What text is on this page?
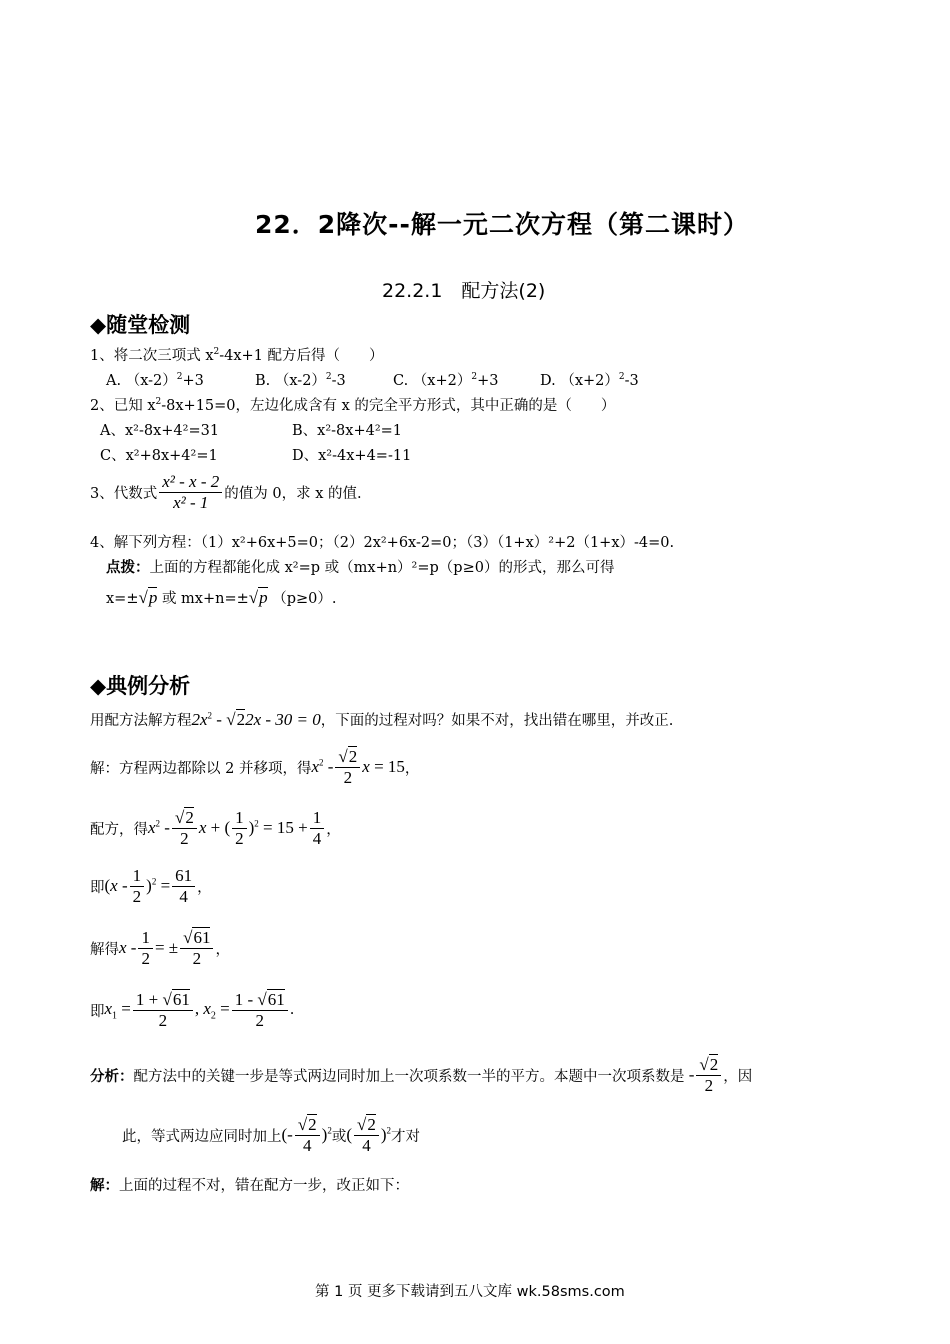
22．2降次--解一元二次方程（第二课时）
22.2.1　配方法(2)
◆随堂检测
1、将二次三项式 $x^2-4x+1$ 配方后得（　　）
A. $(x-2)^2+3$	B. $(x-2)^2-3$	C. $(x+2)^2+3$	D. $(x+2)^2-3$
2、已知 $x^2-8x+15=0$，左边化成含有 x 的完全平方形式，其中正确的是（　　）
A、x²-8x+4²=31	B、x²-8x+4²=1
C、x²+8x+4²=1	D、x²-4x+4=-11
3、代数式 $\frac{\text{x² - x - 2}}{\text{x² - 1}}$ 的值为 0，求 x 的值.
4、解下列方程：（1）x²+6x+5=0；（2）2x²+6x-2=0；（3）（1+x）²+2（1+x）-4=0.
点拨：上面的方程都能化成 x²=p 或（mx+n）²=p（p≥0）的形式，那么可得
x=±√p 或 mx+n=±√p （p≥0）.
◆典例分析
用配方法解方程$2x^2 - √22x - 30 = 0$，下面的过程对吗？如果不对，找出错在哪里，并改正.
解：方程两边都除以 2 并移项，得 $x^2 - \frac{√2}{2}$ x = 15 ，
配方，得 $x^2 - \frac{√2}{2}$ x + ( $\frac{1}{2} )^2 = 15 + \frac{1}{4}$ ，
即 $(x - \frac{1}{2} )^2 = \frac{61}{4}$ ，
解得 x - $\frac{1}{2}$ = ± $\frac{√61}{2}$ ，
即 $x_1 = \frac{1 + √61}{2}$ , $x_2 = \frac{1 - √61}{2}$ .
分析： 配方法中的关键一步是等式两边同时加上一次项系数一半的平方。本题中一次项系数是 - $\frac{√2}{2}$ ，因
此，等式两边应同时加上 (- $\frac{√2}{4} )^2$ 或 ( $\frac{√2}{4} )^2$ 才对
解：上面的过程不对，错在配方一步，改正如下：
第 1 页 更多下载请到五八文库 wk.58sms.com
